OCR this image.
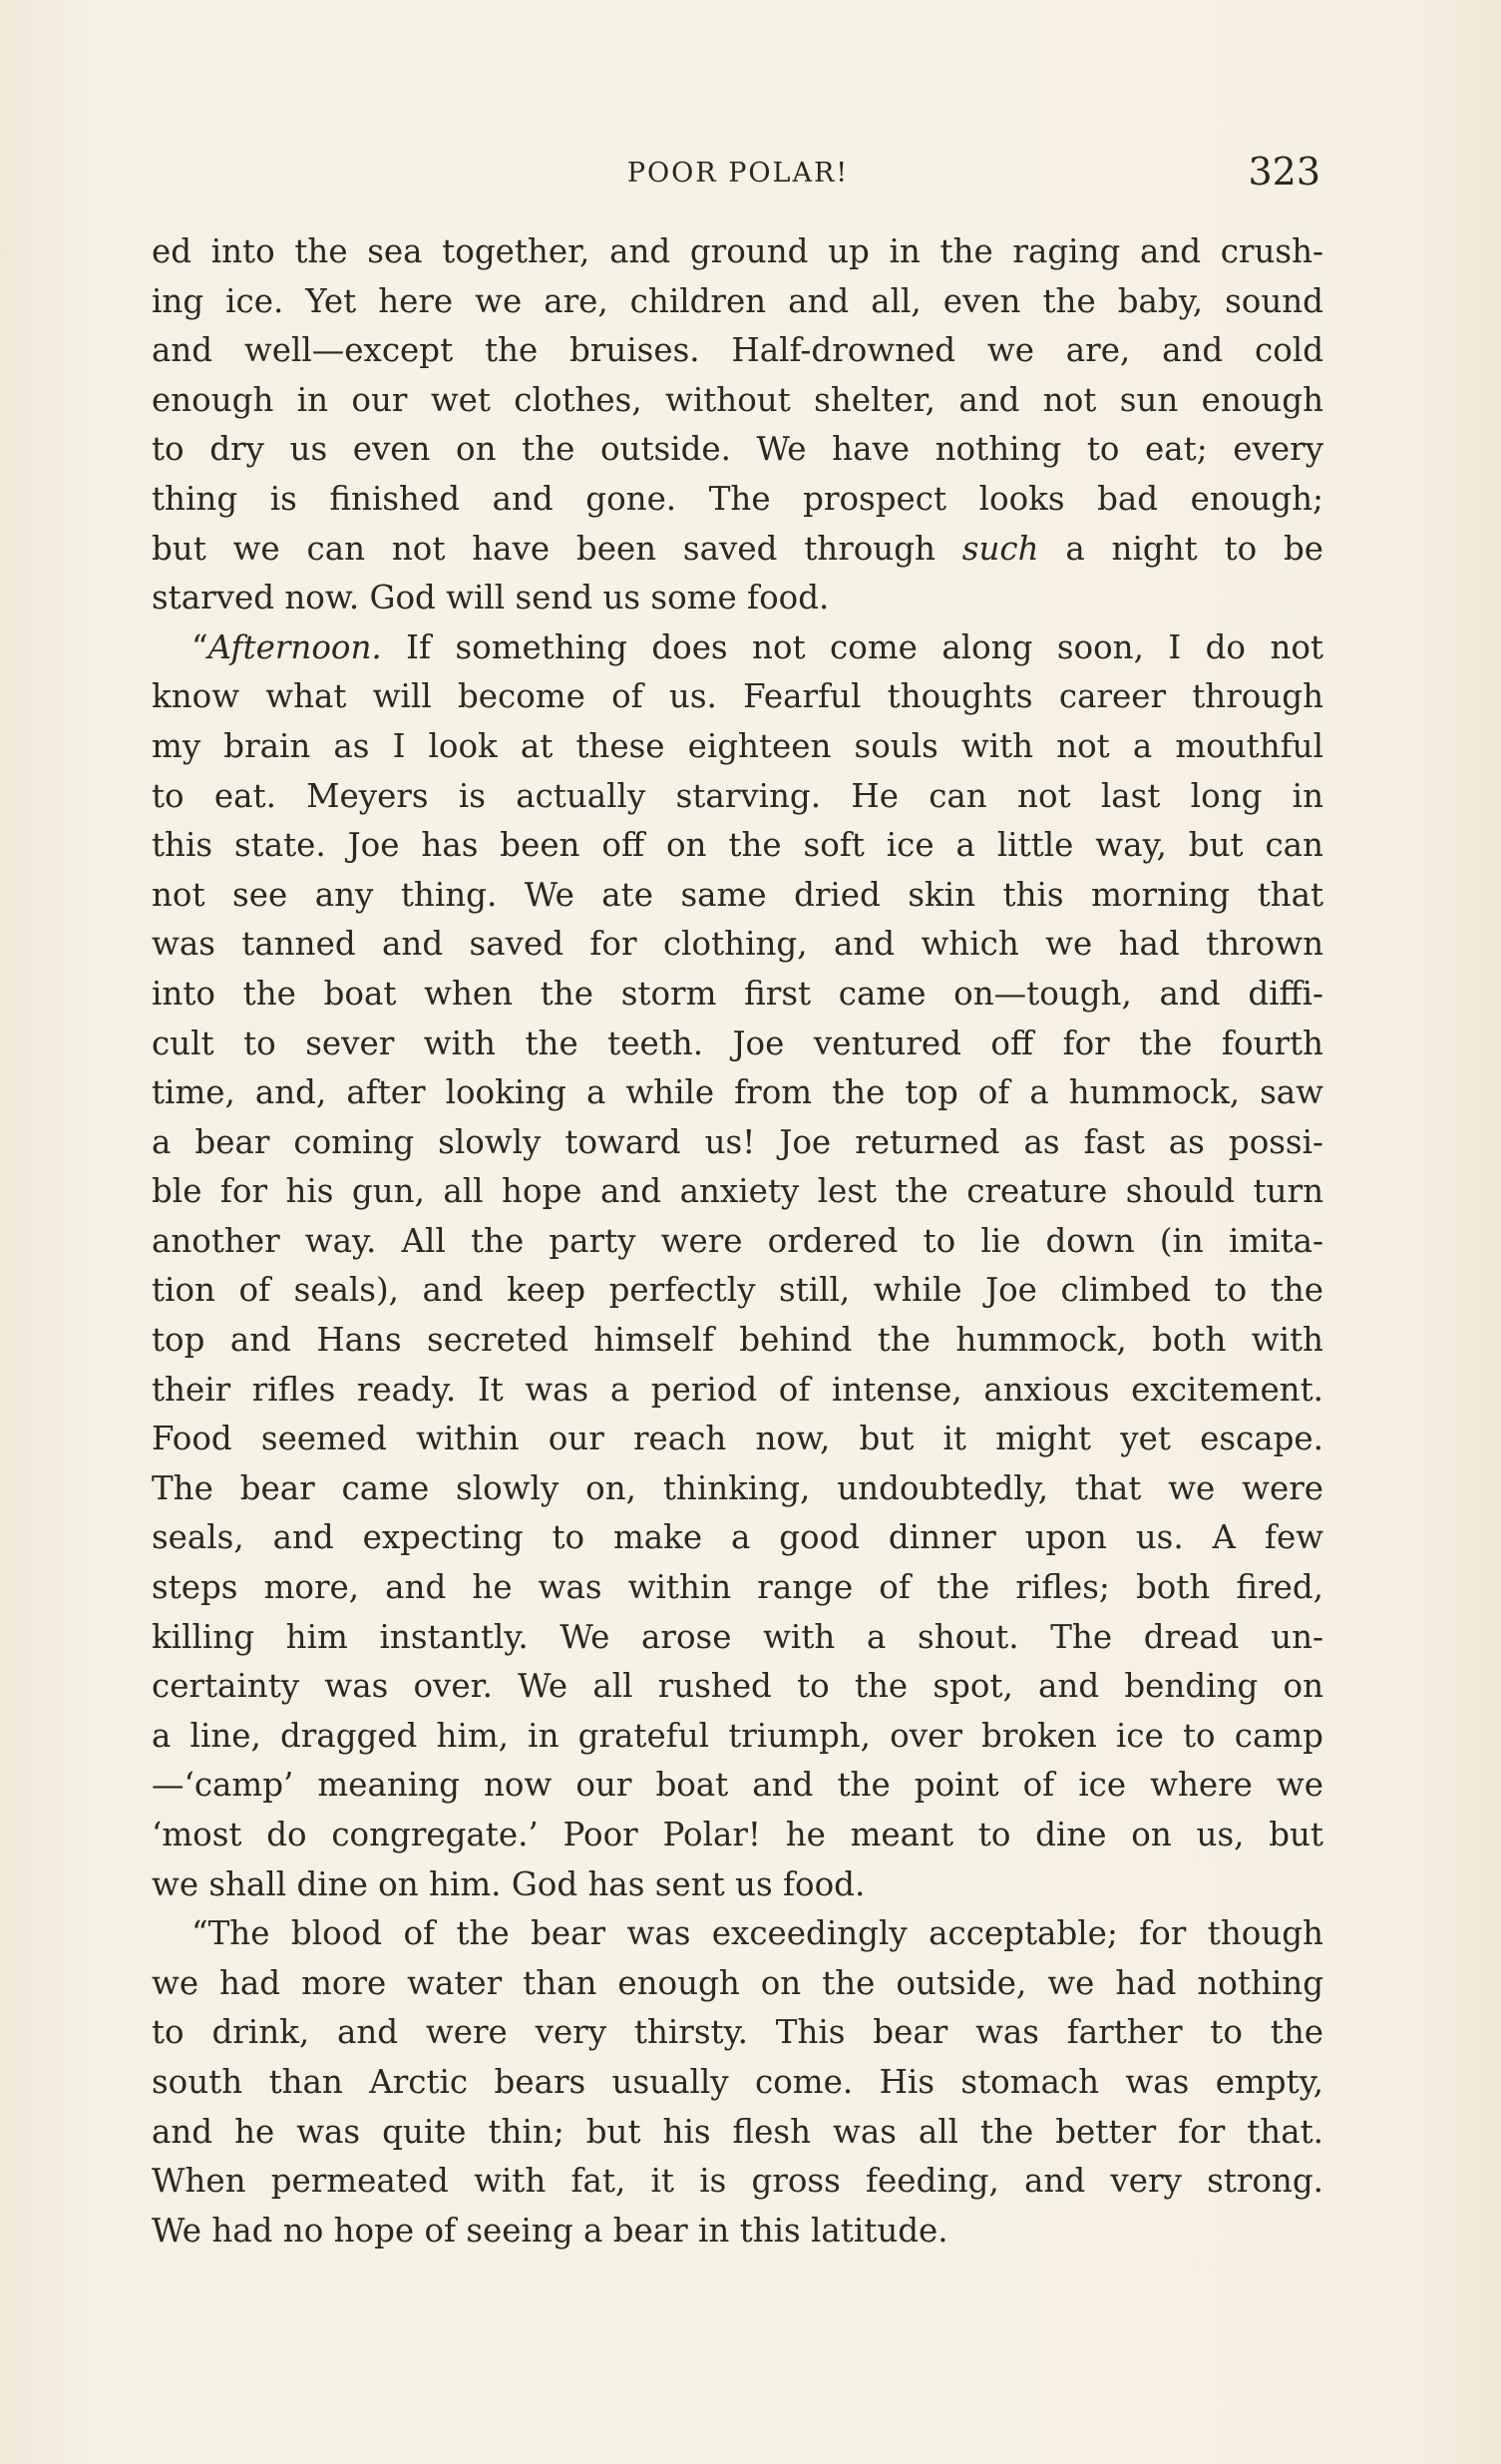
POOR POLAR!	323

ed into the sea together, and ground up in the raging and crush-
ing ice. Yet here we are, children and all, even the baby, sound
and well—except the bruises. Half-drowned we are, and cold
enough in our wet clothes, without shelter, and not sun enough
to dry us even on the outside. We have nothing to eat; every
thing is finished and gone. The prospect looks bad enough;
but we can not have been saved through such a night to be
starved now. God will send us some food.

“Afternoon. If something does not come along soon, I do not
know what will become of us. Fearful thoughts career through
my brain as I look at these eighteen souls with not a mouthful
to eat. Meyers is actually starving. He can not last long in
this state. Joe has been off on the soft ice a little way, but can
not see any thing. We ate same dried skin this morning that
was tanned and saved for clothing, and which we had thrown
into the boat when the storm first came on—tough, and diffi-
cult to sever with the teeth. Joe ventured off for the fourth
time, and, after looking a while from the top of a hummock, saw
a bear coming slowly toward us! Joe returned as fast as possi-
ble for his gun, all hope and anxiety lest the creature should turn
another way. All the party were ordered to lie down (in imita-
tion of seals), and keep perfectly still, while Joe climbed to the
top and Hans secreted himself behind the hummock, both with
their rifles ready. It was a period of intense, anxious excitement.
Food seemed within our reach now, but it might yet escape.
The bear came slowly on, thinking, undoubtedly, that we were
seals, and expecting to make a good dinner upon us. A few
steps more, and he was within range of the rifles; both fired,
killing him instantly. We arose with a shout. The dread un-
certainty was over. We all rushed to the spot, and bending on
a line, dragged him, in grateful triumph, over broken ice to camp
—‘camp’ meaning now our boat and the point of ice where we
‘most do congregate.’ Poor Polar! he meant to dine on us, but
we shall dine on him. God has sent us food.

“The blood of the bear was exceedingly acceptable; for though
we had more water than enough on the outside, we had nothing
to drink, and were very thirsty. This bear was farther to the
south than Arctic bears usually come. His stomach was empty,
and he was quite thin; but his flesh was all the better for that.
When permeated with fat, it is gross feeding, and very strong.
We had no hope of seeing a bear in this latitude.
